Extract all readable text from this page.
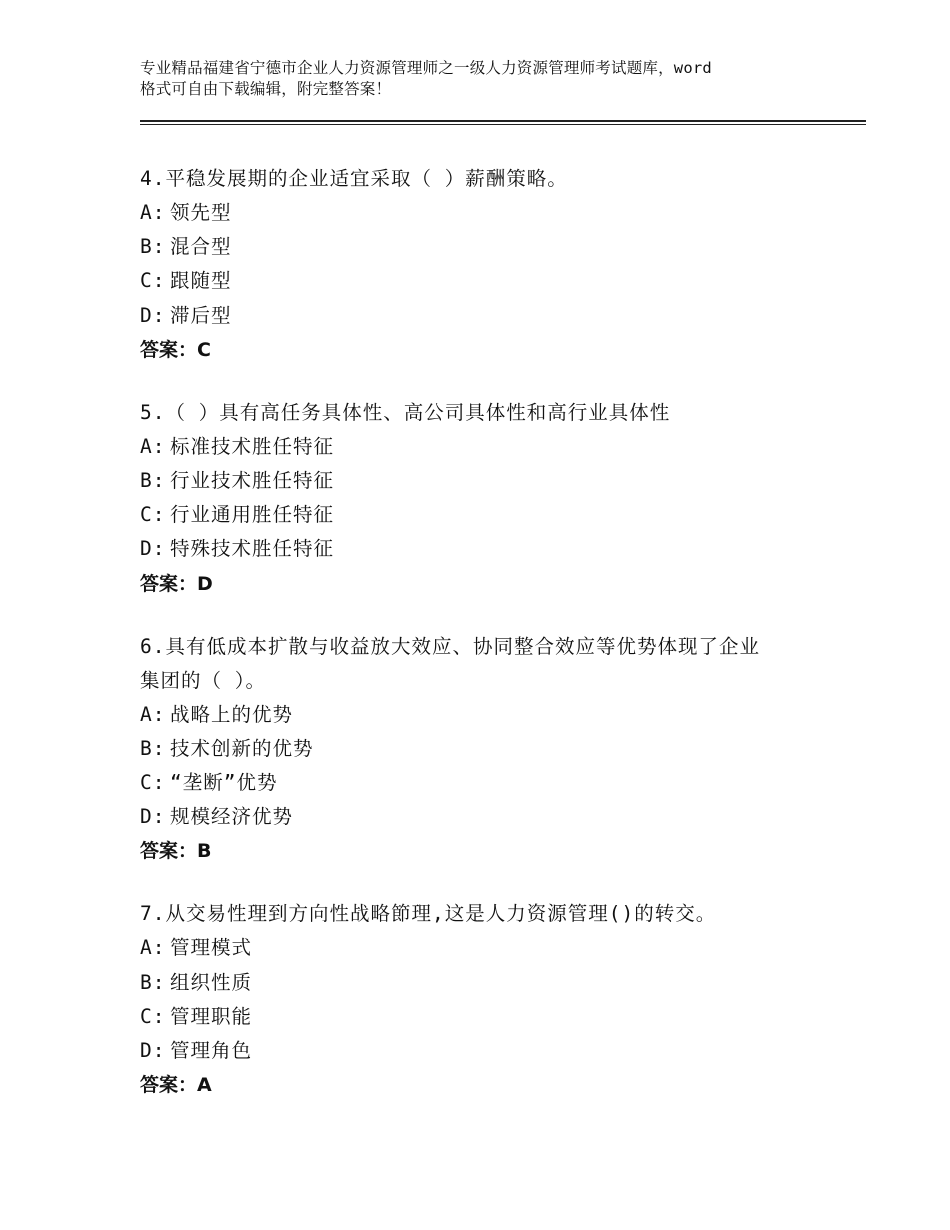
专业精品福建省宁德市企业人力资源管理师之一级人力资源管理师考试题库，word
格式可自由下载编辑，附完整答案！
4.平稳发展期的企业适宜采取（ ）薪酬策略。
A: 领先型
B: 混合型
C: 跟随型
D: 滞后型
答案：C
5.（ ）具有高任务具体性、高公司具体性和高行业具体性
A: 标准技术胜任特征
B: 行业技术胜任特征
C: 行业通用胜任特征
D: 特殊技术胜任特征
答案：D
6.具有低成本扩散与收益放大效应、协同整合效应等优势体现了企业
集团的（ ）。
A: 战略上的优势
B: 技术创新的优势
C: “垄断”优势
D: 规模经济优势
答案：B
7.从交易性理到方向性战略節理,这是人力资源管理()的转交。
A: 管理模式
B: 组织性质
C: 管理职能
D: 管理角色
答案：A
